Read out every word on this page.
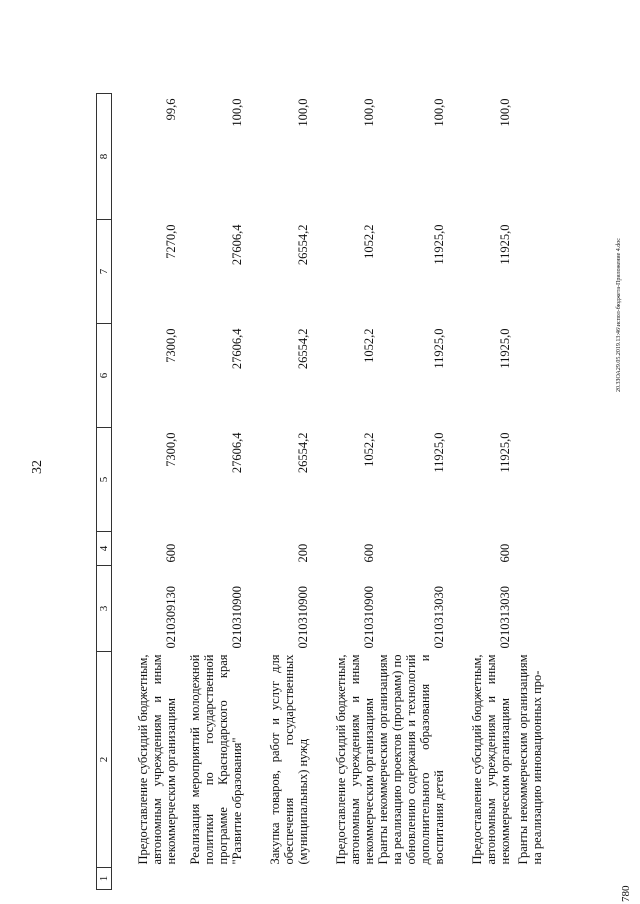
32
1	2	3	4	5	6	7	8
	Предоставление субсидий бюджетным, автономным учреждениям и иным некоммерческим организациям	0210309130	600	7300,0	7300,0	7270,0	99,6
	Реализация мероприятий молодежной политики по государственной программе Краснодарского края "Развитие образования"	0210310900		27606,4	27606,4	27606,4	100,0
	Закупка товаров, работ и услуг для обеспечения государственных (муниципальных) нужд	0210310900	200	26554,2	26554,2	26554,2	100,0
	Предоставление субсидий бюджетным, автономным учреждениям и иным некоммерческим организациям	0210310900	600	1052,2	1052,2	1052,2	100,0
	Гранты некоммерческим организациям на реализацию проектов (программ) по обновлению содержания и технологий дополнительного образования и воспитания детей	0210313030		11925,0	11925,0	11925,0	100,0
	Предоставление субсидий бюджетным, автономным учреждениям и иным некоммерческим организациям	0210313030	600	11925,0	11925,0	11925,0	100,0
	Гранты некоммерческим организациям на реализацию инновационных про-						
20.3ЗОА29.05.2019.13:46\испол-бюджета-Приложение 4.doc
780
